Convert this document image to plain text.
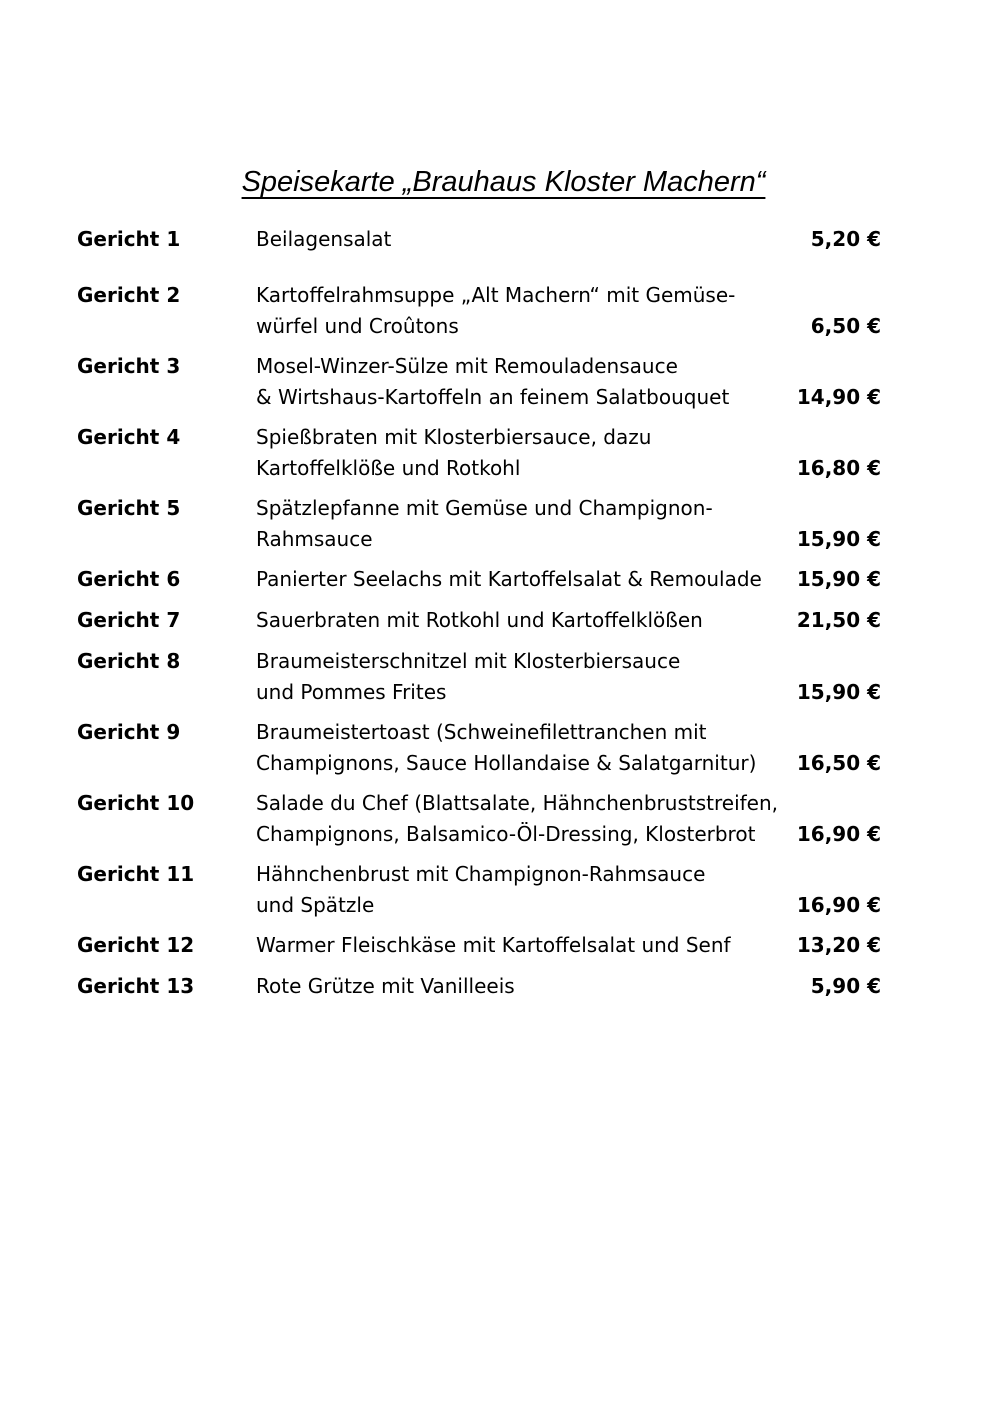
Speisekarte „Brauhaus Kloster Machern“
Gericht 1	Beilagensalat	5,20 €
Gericht 2	Kartoffelrahmsuppe „Alt Machern“ mit Gemüse-
würfel und Croûtons	6,50 €
Gericht 3	Mosel-Winzer-Sülze mit Remouladensauce
& Wirtshaus-Kartoffeln an feinem Salatbouquet	14,90 €
Gericht 4	Spießbraten mit Klosterbiersauce, dazu
Kartoffelklöße und Rotkohl	16,80 €
Gericht 5	Spätzlepfanne mit Gemüse und Champignon-
Rahmsauce	15,90 €
Gericht 6	Panierter Seelachs mit Kartoffelsalat & Remoulade 15,90 €
Gericht 7	Sauerbraten mit Rotkohl und Kartoffelklößen	21,50 €
Gericht 8	Braumeisterschnitzel mit Klosterbiersauce
und Pommes Frites	15,90 €
Gericht 9	Braumeistertoast (Schweinefilettranchen mit
Champignons, Sauce Hollandaise & Salatgarnitur) 16,50 €
Gericht 10	Salade du Chef (Blattsalate, Hähnchenbruststreifen,
Champignons, Balsamico-Öl-Dressing, Klosterbrot	16,90 €
Gericht 11	Hähnchenbrust mit Champignon-Rahmsauce
und Spätzle	16,90 €
Gericht 12	Warmer Fleischkäse mit Kartoffelsalat und Senf	13,20 €
Gericht 13	Rote Grütze mit Vanilleeis	5,90 €
